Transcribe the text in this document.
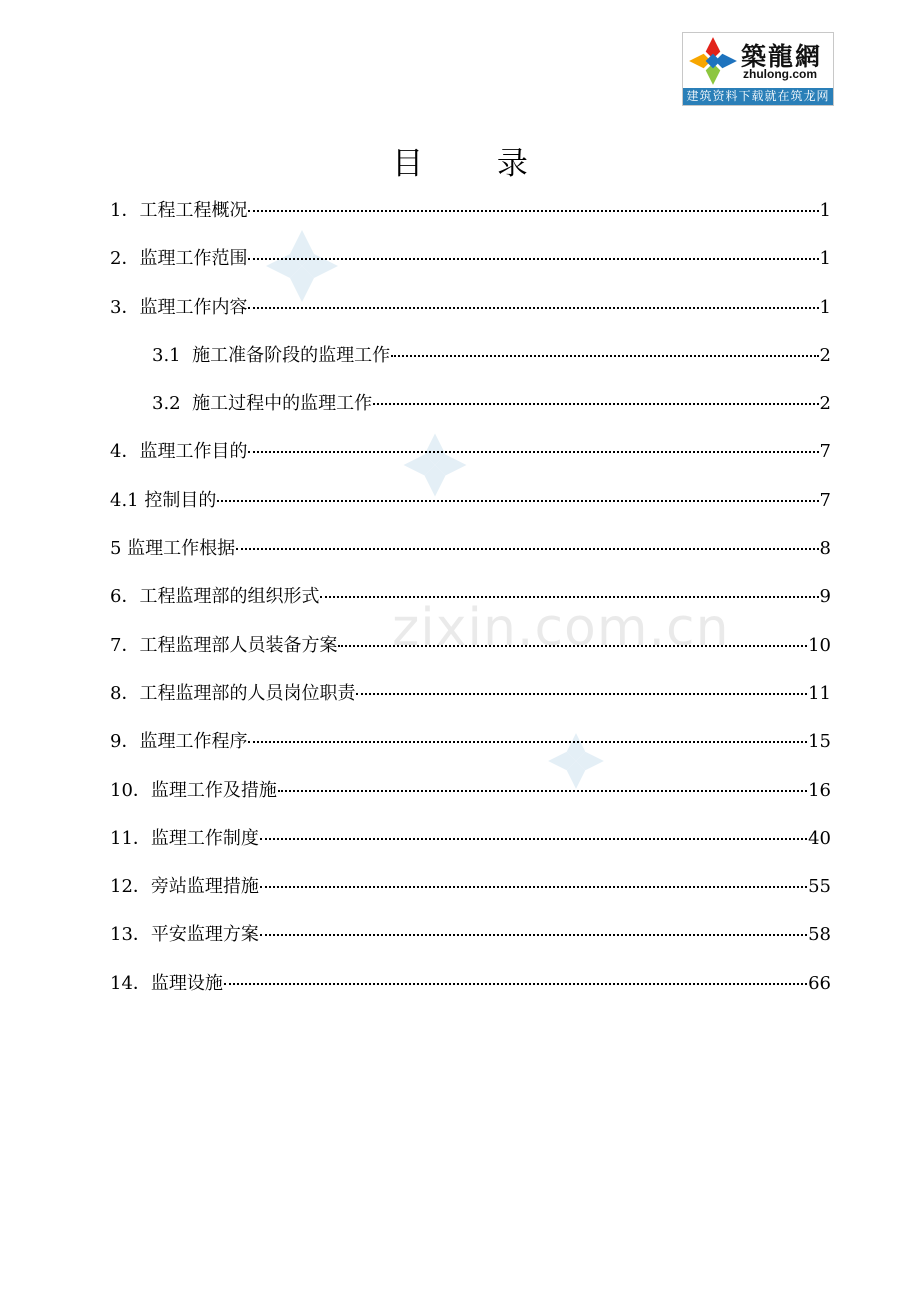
zixin.com.cn
築龍網
zhulong.com
建筑资料下载就在筑龙网
目 录
1．工程工程概况	1
2．监理工作范围	1
3．监理工作内容	1
3.1  施工准备阶段的监理工作	2
3.2  施工过程中的监理工作	2
4．监理工作目的	7
4.1 控制目的	7
5 监理工作根据	8
6．工程监理部的组织形式	9
7．工程监理部人员装备方案	10
8．工程监理部的人员岗位职责	11
9．监理工作程序	15
10．监理工作及措施	16
11．监理工作制度	40
12．旁站监理措施	55
13．平安监理方案	58
14．监理设施	66
